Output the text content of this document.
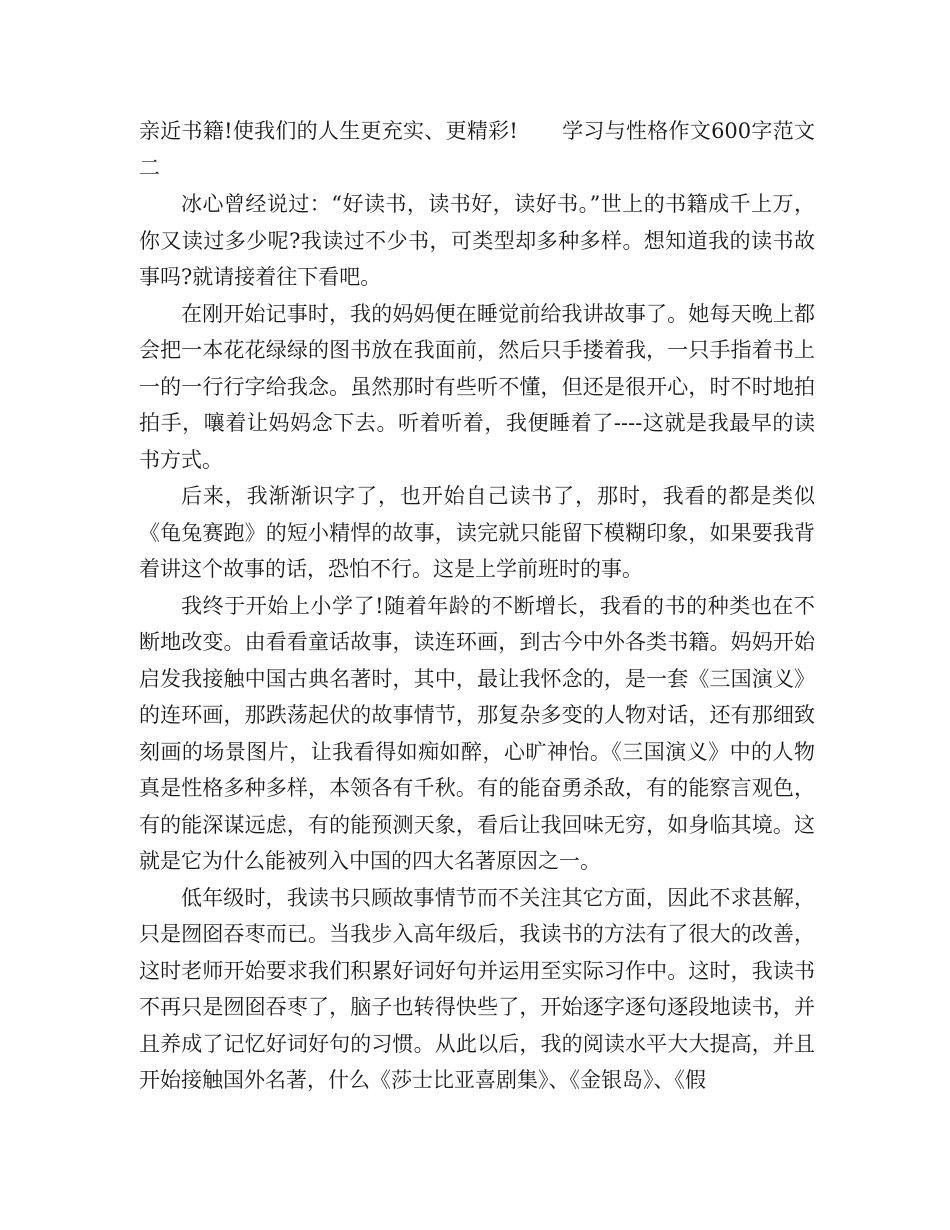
亲近书籍!使我们的人生更充实、更精彩! 学习与性格作文600字范文二

冰心曾经说过：“好读书，读书好，读好书。”世上的书籍成千上万，你又读过多少呢?我读过不少书，可类型却多种多样。想知道我的读书故事吗?就请接着往下看吧。

在刚开始记事时，我的妈妈便在睡觉前给我讲故事了。她每天晚上都会把一本花花绿绿的图书放在我面前，然后只手搂着我，一只手指着书上一的一行行字给我念。虽然那时有些听不懂，但还是很开心，时不时地拍拍手，嚷着让妈妈念下去。听着听着，我便睡着了----这就是我最早的读书方式。

后来，我渐渐识字了，也开始自己读书了，那时，我看的都是类似《龟兔赛跑》的短小精悍的故事，读完就只能留下模糊印象，如果要我背着讲这个故事的话，恐怕不行。这是上学前班时的事。

我终于开始上小学了!随着年龄的不断增长，我看的书的种类也在不断地改变。由看看童话故事，读连环画，到古今中外各类书籍。妈妈开始启发我接触中国古典名著时，其中，最让我怀念的，是一套《三国演义》的连环画，那跌荡起伏的故事情节，那复杂多变的人物对话，还有那细致刻画的场景图片，让我看得如痴如醉，心旷神怡。《三国演义》中的人物真是性格多种多样，本领各有千秋。有的能奋勇杀敌，有的能察言观色，有的能深谋远虑，有的能预测天象，看后让我回味无穷，如身临其境。这就是它为什么能被列入中国的四大名著原因之一。

低年级时，我读书只顾故事情节而不关注其它方面，因此不求甚解，只是囫囵吞枣而已。当我步入高年级后，我读书的方法有了很大的改善，这时老师开始要求我们积累好词好句并运用至实际习作中。这时，我读书不再只是囫囵吞枣了，脑子也转得快些了，开始逐字逐句逐段地读书，并且养成了记忆好词好句的习惯。从此以后，我的阅读水平大大提高，并且开始接触国外名著，什么《莎士比亚喜剧集》、《金银岛》、《假
